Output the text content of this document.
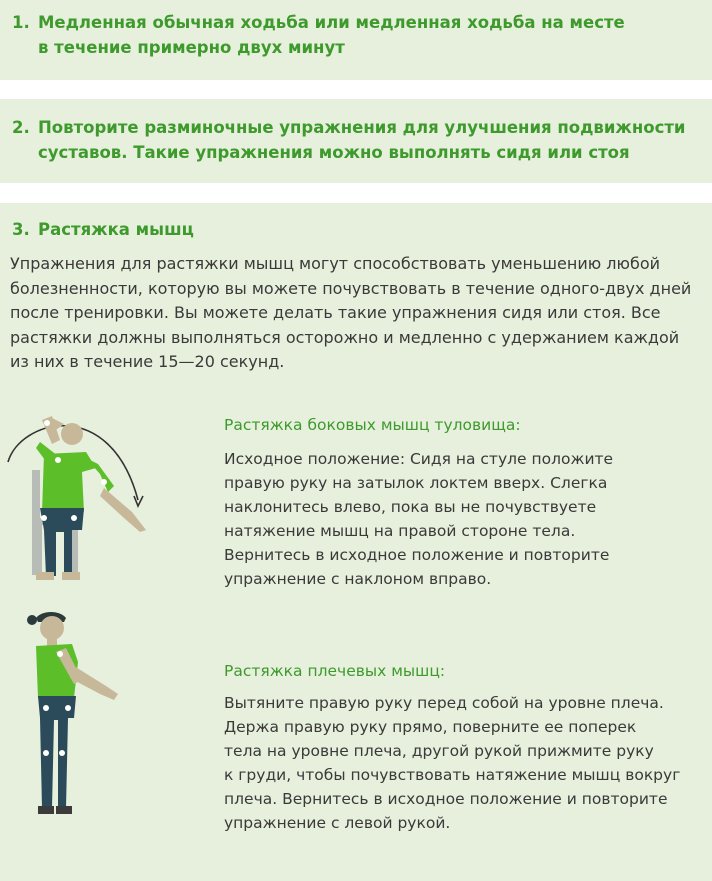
1. Медленная обычная ходьба или медленная ходьба на месте
в течение примерно двух минут
2. Повторите разминочные упражнения для улучшения подвижности
суставов. Такие упражнения можно выполнять сидя или стоя
3. Растяжка мышц
Упражнения для растяжки мышц могут способствовать уменьшению любой
болезненности, которую вы можете почувствовать в течение одного-двух дней
после тренировки. Вы можете делать такие упражнения сидя или стоя. Все
растяжки должны выполняться осторожно и медленно с удержанием каждой
из них в течение 15—20 секунд.
Растяжка боковых мышц туловища:
Исходное положение: Сидя на стуле положите
правую руку на затылок локтем вверх. Слегка
наклонитесь влево, пока вы не почувствуете
натяжение мышц на правой стороне тела.
Вернитесь в исходное положение и повторите
упражнение с наклоном вправо.
Растяжка плечевых мышц:
Вытяните правую руку перед собой на уровне плеча.
Держа правую руку прямо, поверните ее поперек
тела на уровне плеча, другой рукой прижмите руку
к груди, чтобы почувствовать натяжение мышц вокруг
плеча. Вернитесь в исходное положение и повторите
упражнение с левой рукой.
